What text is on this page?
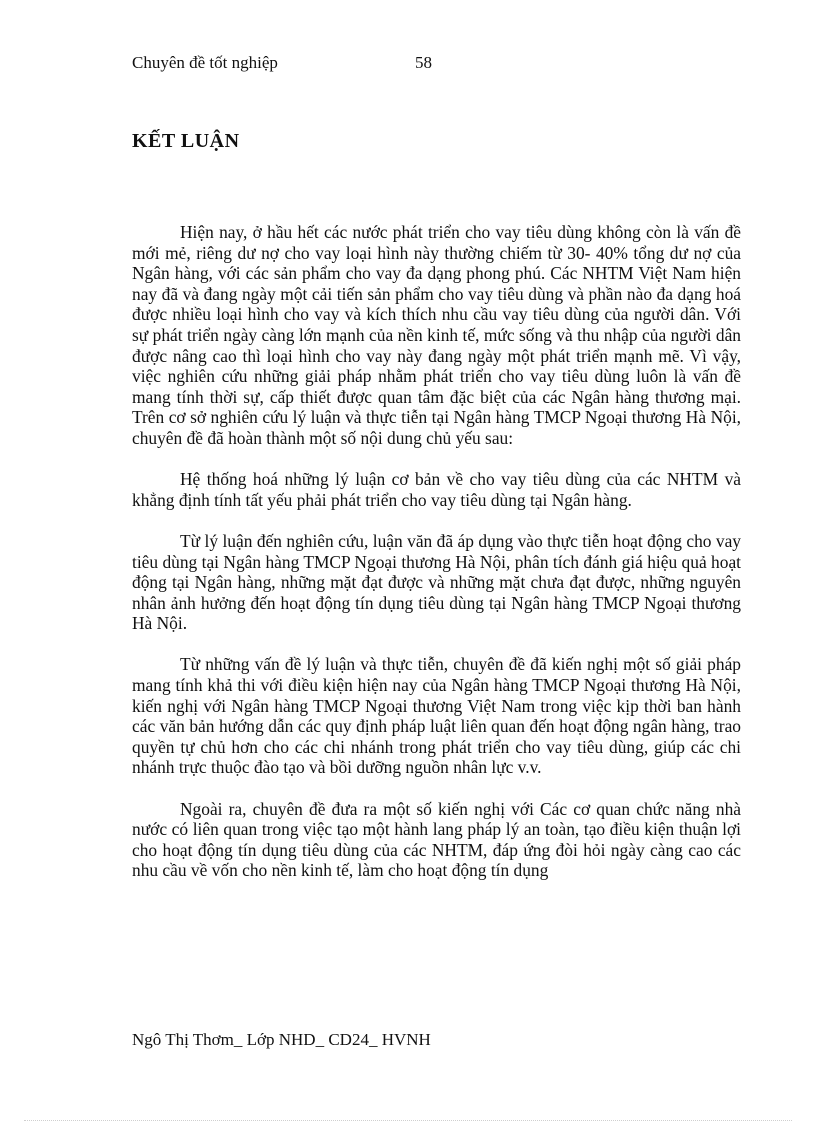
Chuyên đề tốt nghiệp	58
KẾT LUẬN

Hiện nay, ở hầu hết các nước phát triển cho vay tiêu dùng không còn là vấn đề mới mẻ, riêng dư nợ cho vay loại hình này thường chiếm từ 30- 40% tổng dư nợ của Ngân hàng, với các sản phẩm cho vay đa dạng phong phú. Các NHTM Việt Nam hiện nay đã và đang ngày một cải tiến sản phẩm cho vay tiêu dùng và phần nào đa dạng hoá được nhiều loại hình cho vay và kích thích nhu cầu vay tiêu dùng của người dân. Với sự phát triển ngày càng lớn mạnh của nền kinh tế, mức sống và thu nhập của người dân được nâng cao thì loại hình cho vay này đang ngày một phát triển mạnh mẽ. Vì vậy, việc nghiên cứu những giải pháp nhằm phát triển cho vay tiêu dùng luôn là vấn đề mang tính thời sự, cấp thiết được quan tâm đặc biệt của các Ngân hàng thương mại. Trên cơ sở nghiên cứu lý luận và thực tiễn tại Ngân hàng TMCP Ngoại thương Hà Nội, chuyên đề đã hoàn thành một số nội dung chủ yếu sau:

Hệ thống hoá những lý luận cơ bản về cho vay tiêu dùng của các NHTM và khẳng định tính tất yếu phải phát triển cho vay tiêu dùng tại Ngân hàng.

Từ lý luận đến nghiên cứu, luận văn đã áp dụng vào thực tiễn hoạt động cho vay tiêu dùng tại Ngân hàng TMCP Ngoại thương Hà Nội, phân tích đánh giá hiệu quả hoạt động tại Ngân hàng, những mặt đạt được và những mặt chưa đạt được, những nguyên nhân ảnh hưởng đến hoạt động tín dụng tiêu dùng tại Ngân hàng TMCP Ngoại thương Hà Nội.

Từ những vấn đề lý luận và thực tiễn, chuyên đề đã kiến nghị một số giải pháp mang tính khả thi với điều kiện hiện nay của Ngân hàng TMCP Ngoại thương Hà Nội, kiến nghị với Ngân hàng TMCP Ngoại thương Việt Nam trong việc kịp thời ban hành các văn bản hướng dẫn các quy định pháp luật liên quan đến hoạt động ngân hàng, trao quyền tự chủ hơn cho các chi nhánh trong phát triển cho vay tiêu dùng, giúp các chi nhánh trực thuộc đào tạo và bồi dưỡng nguồn nhân lực v.v.

Ngoài ra, chuyên đề đưa ra một số kiến nghị với Các cơ quan chức năng nhà nước có liên quan trong việc tạo một hành lang pháp lý an toàn, tạo điều kiện thuận lợi cho hoạt động tín dụng tiêu dùng của các NHTM, đáp ứng đòi hỏi ngày càng cao các nhu cầu về vốn cho nền kinh tế, làm cho hoạt động tín dụng

Ngô Thị Thơm_ Lớp NHD_ CD24_ HVNH
